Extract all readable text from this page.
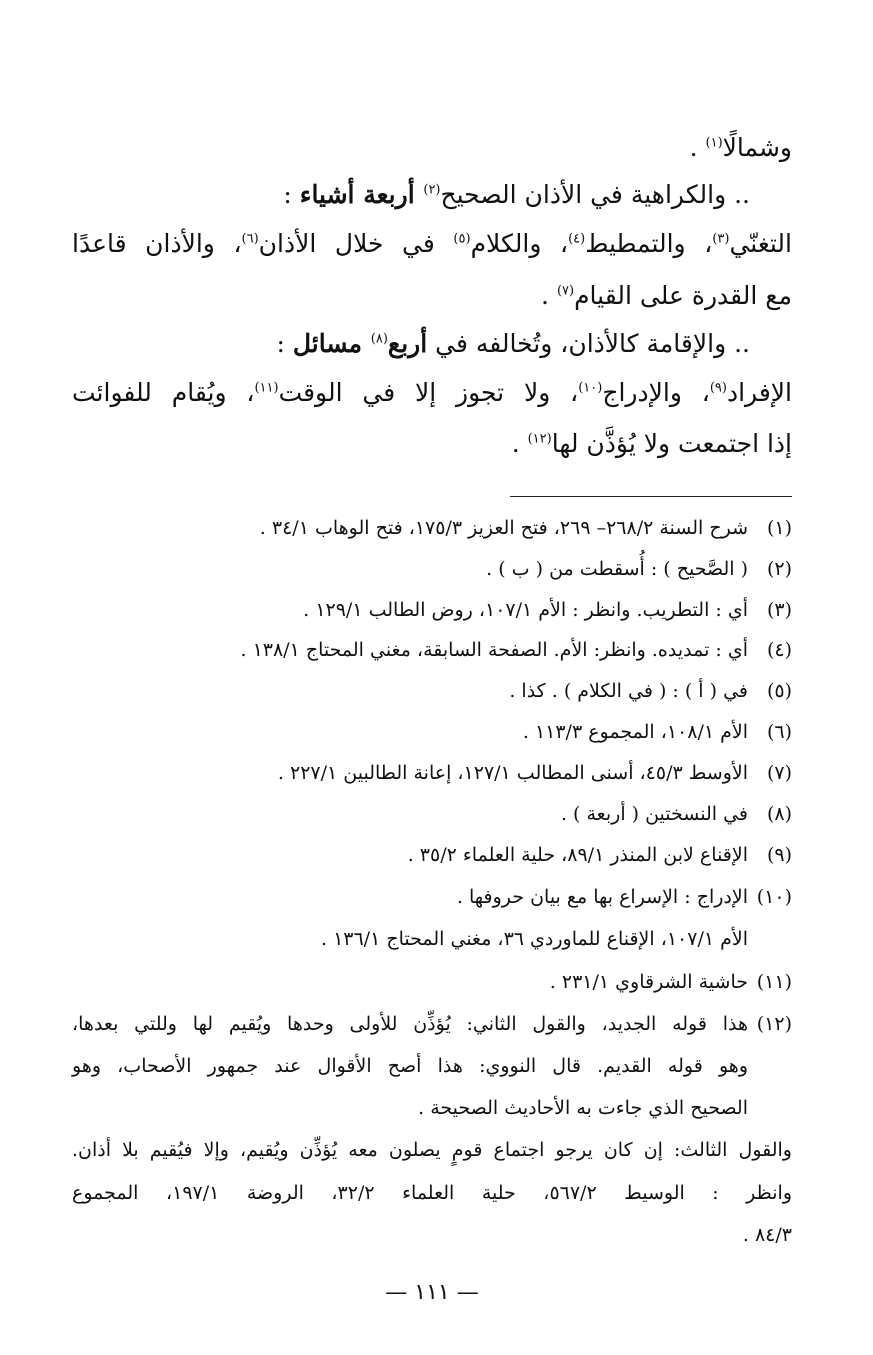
وشمالًا$^{(١)}$ .
.. والكراهية في الأذان الصحيح$^{(٢)}$ أربعة أشياء :
التغنّي$^{(٣)}$، والتمطيط$^{(٤)}$، والكلام$^{(٥)}$ في خلال الأذان$^{(٦)}$، والأذان قاعدًا
مع القدرة على القيام$^{(٧)}$ .
.. والإقامة كالأذان، وتُخالفه في أربع$^{(٨)}$ مسائل :
الإفراد$^{(٩)}$، والإدراج$^{(١٠)}$، ولا تجوز إلا في الوقت$^{(١١)}$، ويُقام للفوائت
إذا اجتمعت ولا يُؤذَّن لها$^{(١٢)}$ .
(١)شرح السنة ٢٦٨/٢– ٢٦٩، فتح العزيز ١٧٥/٣، فتح الوهاب ٣٤/١ .
(٢)( الصَّحيح ) : أُسقطت من ( ب ) .
(٣)أي : التطريب. وانظر : الأم ١٠٧/١، روض الطالب ١٢٩/١ .
(٤)أي : تمديده. وانظر: الأم. الصفحة السابقة، مغني المحتاج ١٣٨/١ .
(٥)في ( أ ) : ( في الكلام ) . كذا .
(٦)الأم ١٠٨/١، المجموع ١١٣/٣ .
(٧)الأوسط ٤٥/٣، أسنى المطالب ١٢٧/١، إعانة الطالبين ٢٢٧/١ .
(٨)في النسختين ( أربعة ) .
(٩)الإقناع لابن المنذر ٨٩/١، حلية العلماء ٣٥/٢ .
(١٠)الإدراج : الإسراع بها مع بيان حروفها .
الأم ١٠٧/١، الإقناع للماوردي ٣٦، مغني المحتاج ١٣٦/١ .
(١١)حاشية الشرقاوي ٢٣١/١ .
(١٢)هذا قوله الجديد، والقول الثاني: يُؤذِّن للأولى وحدها ويُقيم لها وللتي بعدها،
وهو قوله القديم. قال النووي: هذا أصح الأقوال عند جمهور الأصحاب، وهو
الصحيح الذي جاءت به الأحاديث الصحيحة .
والقول الثالث: إن كان يرجو اجتماع قومٍ يصلون معه يُؤذِّن ويُقيم، وإلا فيُقيم بلا أذان.
وانظر : الوسيط ٥٦٧/٢، حلية العلماء ٣٢/٢، الروضة ١٩٧/١، المجموع
٨٤/٣ .
— ١١١ —
